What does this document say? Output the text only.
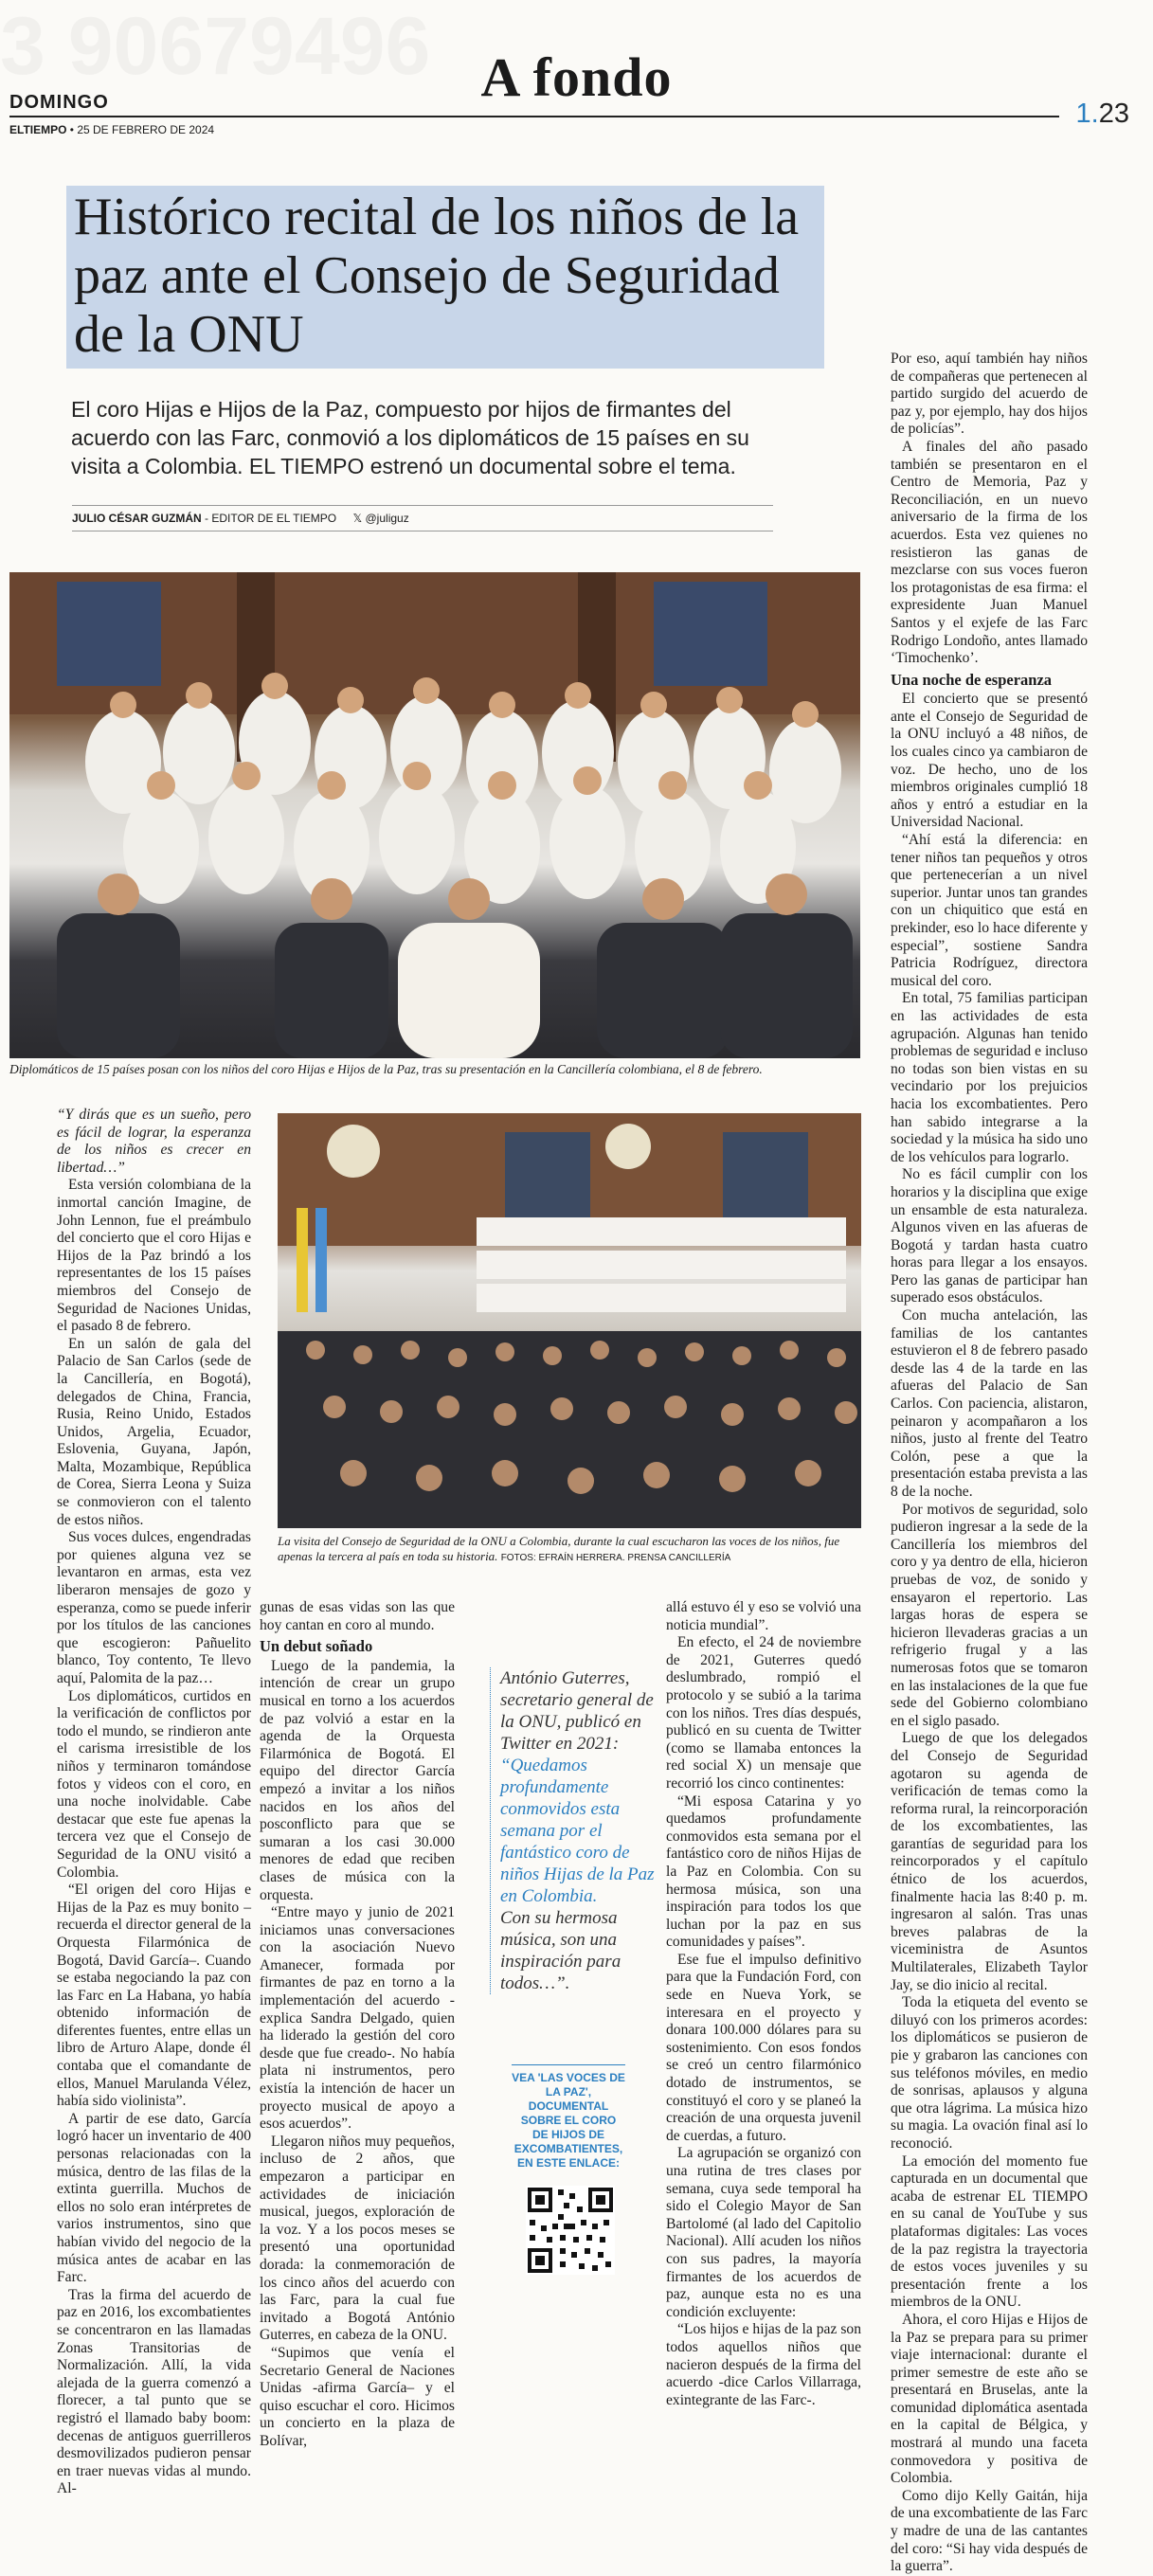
A fondo
DOMINGO
ELTIEMPO • 25 DE FEBRERO DE 2024
1.23
Histórico recital de los niños de la paz ante el Consejo de Seguridad de la ONU
El coro Hijas e Hijos de la Paz, compuesto por hijos de firmantes del acuerdo con las Farc, conmovió a los diplomáticos de 15 países en su visita a Colombia. EL TIEMPO estrenó un documental sobre el tema.
JULIO CÉSAR GUZMÁN - EDITOR DE EL TIEMPO 𝕏 @juliguz
Diplomáticos de 15 países posan con los niños del coro Hijas e Hijos de la Paz, tras su presentación en la Cancillería colombiana, el 8 de febrero.
La visita del Consejo de Seguridad de la ONU a Colombia, durante la cual escucharon las voces de los niños, fue apenas la tercera al país en toda su historia. FOTOS: EFRAÍN HERRERA. PRENSA CANCILLERÍA

“Y dirás que es un sueño, pero es fácil de lograr, la esperanza de los niños es crecer en libertad…”

Esta versión colombiana de la inmortal canción Imagine, de John Lennon, fue el preámbulo del concierto que el coro Hijas e Hijos de la Paz brindó a los representantes de los 15 países miembros del Consejo de Seguridad de Naciones Unidas, el pasado 8 de febrero.

En un salón de gala del Palacio de San Carlos (sede de la Cancillería, en Bogotá), delegados de China, Francia, Rusia, Reino Unido, Estados Unidos, Argelia, Ecuador, Eslovenia, Guyana, Japón, Malta, Mozambique, República de Corea, Sierra Leona y Suiza se conmovieron con el talento de estos niños.

Sus voces dulces, engendradas por quienes alguna vez se levantaron en armas, esta vez liberaron mensajes de gozo y esperanza, como se puede inferir por los títulos de las canciones que escogieron: Pañuelito blanco, Toy contento, Te llevo aquí, Palomita de la paz…

Los diplomáticos, curtidos en la verificación de conflictos por todo el mundo, se rindieron ante el carisma irresistible de los niños y terminaron tomándose fotos y videos con el coro, en una noche inolvidable. Cabe destacar que este fue apenas la tercera vez que el Consejo de Seguridad de la ONU visitó a Colombia.

“El origen del coro Hijas e Hijas de la Paz es muy bonito –recuerda el director general de la Orquesta Filarmónica de Bogotá, David García–. Cuando se estaba negociando la paz con las Farc en La Habana, yo había obtenido información de diferentes fuentes, entre ellas un libro de Arturo Alape, donde él contaba que el comandante de ellos, Manuel Marulanda Vélez, había sido violinista”.

A partir de ese dato, García logró hacer un inventario de 400 personas relacionadas con la música, dentro de las filas de la extinta guerrilla. Muchos de ellos no solo eran intérpretes de varios instrumentos, sino que habían vivido del negocio de la música antes de acabar en las Farc.

Tras la firma del acuerdo de paz en 2016, los excombatientes se concentraron en las llamadas Zonas Transitorias de Normalización. Allí, la vida alejada de la guerra comenzó a florecer, a tal punto que se registró el llamado baby boom: decenas de antiguos guerrilleros desmovilizados pudieron pensar en traer nuevas vidas al mundo. Al-

gunas de esas vidas son las que hoy cantan en coro al mundo.

Un debut soñado

Luego de la pandemia, la intención de crear un grupo musical en torno a los acuerdos de paz volvió a estar en la agenda de la Orquesta Filarmónica de Bogotá. El equipo del director García empezó a invitar a los niños nacidos en los años del posconflicto para que se sumaran a los casi 30.000 menores de edad que reciben clases de música con la orquesta.

“Entre mayo y junio de 2021 iniciamos unas conversaciones con la asociación Nuevo Amanecer, formada por firmantes de paz en torno a la implementación del acuerdo -explica Sandra Delgado, quien ha liderado la gestión del coro desde que fue creado-. No había plata ni instrumentos, pero existía la intención de hacer un proyecto musical de apoyo a esos acuerdos”.

Llegaron niños muy pequeños, incluso de 2 años, que empezaron a participar en actividades de iniciación musical, juegos, exploración de la voz. Y a los pocos meses se presentó una oportunidad dorada: la conmemoración de los cinco años del acuerdo con las Farc, para la cual fue invitado a Bogotá António Guterres, en cabeza de la ONU.

“Supimos que venía el Secretario General de Naciones Unidas -afirma García– y el quiso escuchar el coro. Hicimos un concierto en la plaza de Bolívar,

António Guterres, secretario general de la ONU, publicó en Twitter en 2021:
“Quedamos profundamente conmovidos esta semana por el fantástico coro de niños Hijas de la Paz en Colombia.
Con su hermosa música, son una inspiración para todos…”.
VEA 'LAS VOCES DE LA PAZ', DOCUMENTAL SOBRE EL CORO DE HIJOS DE EXCOMBATIENTES, EN ESTE ENLACE:

allá estuvo él y eso se volvió una noticia mundial”.

En efecto, el 24 de noviembre de 2021, Guterres quedó deslumbrado, rompió el protocolo y se subió a la tarima con los niños. Tres días después, publicó en su cuenta de Twitter (como se llamaba entonces la red social X) un mensaje que recorrió los cinco continentes:

“Mi esposa Catarina y yo quedamos profundamente conmovidos esta semana por el fantástico coro de niños Hijas de la Paz en Colombia. Con su hermosa música, son una inspiración para todos los que luchan por la paz en sus comunidades y países”.

Ese fue el impulso definitivo para que la Fundación Ford, con sede en Nueva York, se interesara en el proyecto y donara 100.000 dólares para su sostenimiento. Con esos fondos se creó un centro filarmónico dotado de instrumentos, se constituyó el coro y se planeó la creación de una orquesta juvenil de cuerdas, a futuro.

La agrupación se organizó con una rutina de tres clases por semana, cuya sede temporal ha sido el Colegio Mayor de San Bartolomé (al lado del Capitolio Nacional). Allí acuden los niños con sus padres, la mayoría firmantes de los acuerdos de paz, aunque esta no es una condición excluyente:

“Los hijos e hijas de la paz son todos aquellos niños que nacieron después de la firma del acuerdo -dice Carlos Villarraga, exintegrante de las Farc-.

Por eso, aquí también hay niños de compañeras que pertenecen al partido surgido del acuerdo de paz y, por ejemplo, hay dos hijos de policías”.

A finales del año pasado también se presentaron en el Centro de Memoria, Paz y Reconciliación, en un nuevo aniversario de la firma de los acuerdos. Esta vez quienes no resistieron las ganas de mezclarse con sus voces fueron los protagonistas de esa firma: el expresidente Juan Manuel Santos y el exjefe de las Farc Rodrigo Londoño, antes llamado ‘Timochenko’.

Una noche de esperanza

El concierto que se presentó ante el Consejo de Seguridad de la ONU incluyó a 48 niños, de los cuales cinco ya cambiaron de voz. De hecho, uno de los miembros originales cumplió 18 años y entró a estudiar en la Universidad Nacional.

“Ahí está la diferencia: en tener niños tan pequeños y otros que pertenecerían a un nivel superior. Juntar unos tan grandes con un chiquitico que está en prekinder, eso lo hace diferente y especial”, sostiene Sandra Patricia Rodríguez, directora musical del coro.

En total, 75 familias participan en las actividades de esta agrupación. Algunas han tenido problemas de seguridad e incluso no todas son bien vistas en su vecindario por los prejuicios hacia los excombatientes. Pero han sabido integrarse a la sociedad y la música ha sido uno de los vehículos para lograrlo.

No es fácil cumplir con los horarios y la disciplina que exige un ensamble de esta naturaleza. Algunos viven en las afueras de Bogotá y tardan hasta cuatro horas para llegar a los ensayos. Pero las ganas de participar han superado esos obstáculos.

Con mucha antelación, las familias de los cantantes estuvieron el 8 de febrero pasado desde las 4 de la tarde en las afueras del Palacio de San Carlos. Con paciencia, alistaron, peinaron y acompañaron a los niños, justo al frente del Teatro Colón, pese a que la presentación estaba prevista a las 8 de la noche.

Por motivos de seguridad, solo pudieron ingresar a la sede de la Cancillería los miembros del coro y ya dentro de ella, hicieron pruebas de voz, de sonido y ensayaron el repertorio. Las largas horas de espera se hicieron llevaderas gracias a un refrigerio frugal y a las numerosas fotos que se tomaron en las instalaciones de la que fue sede del Gobierno colombiano en el siglo pasado.

Luego de que los delegados del Consejo de Seguridad agotaron su agenda de verificación de temas como la reforma rural, la reincorporación de los excombatientes, las garantías de seguridad para los reincorporados y el capítulo étnico de los acuerdos, finalmente hacia las 8:40 p. m. ingresaron al salón. Tras unas breves palabras de la viceministra de Asuntos Multilaterales, Elizabeth Taylor Jay, se dio inicio al recital.

Toda la etiqueta del evento se diluyó con los primeros acordes: los diplomáticos se pusieron de pie y grabaron las canciones con sus teléfonos móviles, en medio de sonrisas, aplausos y alguna que otra lágrima. La música hizo su magia. La ovación final así lo reconoció.

La emoción del momento fue capturada en un documental que acaba de estrenar EL TIEMPO en su canal de YouTube y sus plataformas digitales: Las voces de la paz registra la trayectoria de estos voces juveniles y su presentación frente a los miembros de la ONU.

Ahora, el coro Hijas e Hijos de la Paz se prepara para su primer viaje internacional: durante el primer semestre de este año se presentará en Bruselas, ante la comunidad diplomática asentada en la capital de Bélgica, y mostrará al mundo una faceta conmovedora y positiva de Colombia.

Como dijo Kelly Gaitán, hija de una excombatiente de las Farc y madre de una de las cantantes del coro: “Si hay vida después de la guerra”.
